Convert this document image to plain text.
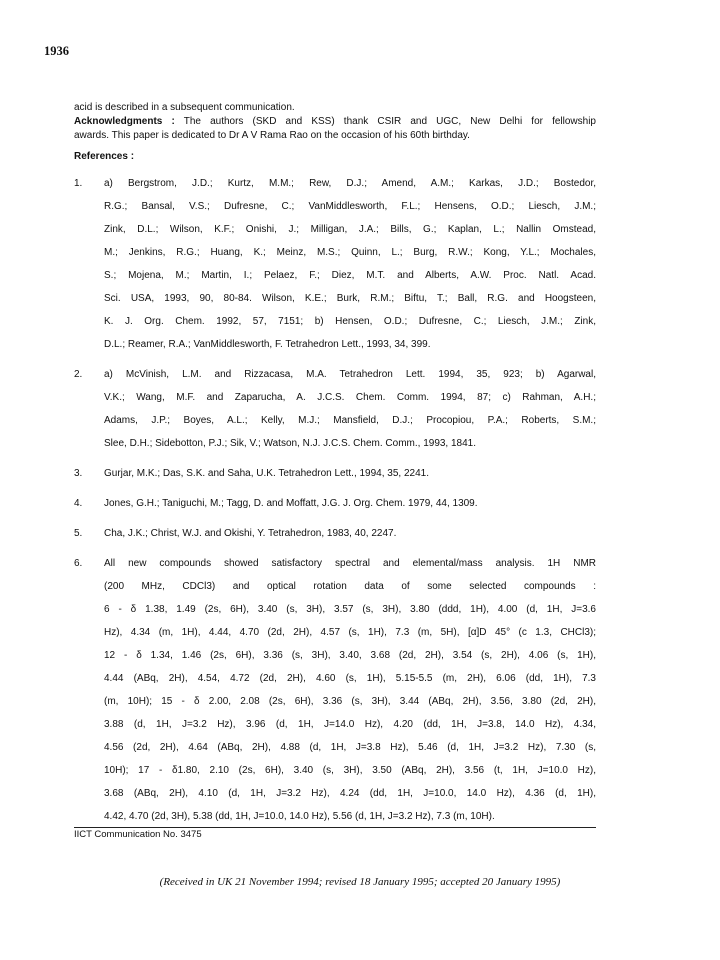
1936

acid is described in a subsequent communication.

Acknowledgments : The authors (SKD and KSS) thank CSIR and UGC, New Delhi for fellowship

awards. This paper is dedicated to Dr A V Rama Rao on the occasion of his 60th birthday.

References :
1. a) Bergstrom, J.D.; Kurtz, M.M.; Rew, D.J.; Amend, A.M.; Karkas, J.D.; Bostedor,
R.G.; Bansal, V.S.; Dufresne, C.; VanMiddlesworth, F.L.; Hensens, O.D.; Liesch, J.M.;
Zink, D.L.; Wilson, K.F.; Onishi, J.; Milligan, J.A.; Bills, G.; Kaplan, L.; Nallin Omstead,
M.; Jenkins, R.G.; Huang, K.; Meinz, M.S.; Quinn, L.; Burg, R.W.; Kong, Y.L.; Mochales,
S.; Mojena, M.; Martin, I.; Pelaez, F.; Diez, M.T. and Alberts, A.W. Proc. Natl. Acad.
Sci. USA, 1993, 90, 80-84. Wilson, K.E.; Burk, R.M.; Biftu, T.; Ball, R.G. and Hoogsteen,
K. J. Org. Chem. 1992, 57, 7151; b) Hensen, O.D.; Dufresne, C.; Liesch, J.M.; Zink,
D.L.; Reamer, R.A.; VanMiddlesworth, F. Tetrahedron Lett., 1993, 34, 399.
2. a) McVinish, L.M. and Rizzacasa, M.A. Tetrahedron Lett. 1994, 35, 923; b) Agarwal,
V.K.; Wang, M.F. and Zaparucha, A. J.C.S. Chem. Comm. 1994, 87; c) Rahman, A.H.;
Adams, J.P.; Boyes, A.L.; Kelly, M.J.; Mansfield, D.J.; Procopiou, P.A.; Roberts, S.M.;
Slee, D.H.; Sidebotton, P.J.; Sik, V.; Watson, N.J. J.C.S. Chem. Comm., 1993, 1841.
3. Gurjar, M.K.; Das, S.K. and Saha, U.K. Tetrahedron Lett., 1994, 35, 2241.
4. Jones, G.H.; Taniguchi, M.; Tagg, D. and Moffatt, J.G. J. Org. Chem. 1979, 44, 1309.
5. Cha, J.K.; Christ, W.J. and Okishi, Y. Tetrahedron, 1983, 40, 2247.
6. All new compounds showed satisfactory spectral and elemental/mass analysis. 1H NMR
(200 MHz, CDCl3) and optical rotation data of some selected compounds :
6 - δ 1.38, 1.49 (2s, 6H), 3.40 (s, 3H), 3.57 (s, 3H), 3.80 (ddd, 1H), 4.00 (d, 1H, J=3.6
Hz), 4.34 (m, 1H), 4.44, 4.70 (2d, 2H), 4.57 (s, 1H), 7.3 (m, 5H), [α]D 45° (c 1.3, CHCl3);
12 - δ 1.34, 1.46 (2s, 6H), 3.36 (s, 3H), 3.40, 3.68 (2d, 2H), 3.54 (s, 2H), 4.06 (s, 1H),
4.44 (ABq, 2H), 4.54, 4.72 (2d, 2H), 4.60 (s, 1H), 5.15-5.5 (m, 2H), 6.06 (dd, 1H), 7.3
(m, 10H); 15 - δ 2.00, 2.08 (2s, 6H), 3.36 (s, 3H), 3.44 (ABq, 2H), 3.56, 3.80 (2d, 2H),
3.88 (d, 1H, J=3.2 Hz), 3.96 (d, 1H, J=14.0 Hz), 4.20 (dd, 1H, J=3.8, 14.0 Hz), 4.34,
4.56 (2d, 2H), 4.64 (ABq, 2H), 4.88 (d, 1H, J=3.8 Hz), 5.46 (d, 1H, J=3.2 Hz), 7.30 (s,
10H); 17 - δ1.80, 2.10 (2s, 6H), 3.40 (s, 3H), 3.50 (ABq, 2H), 3.56 (t, 1H, J=10.0 Hz),
3.68 (ABq, 2H), 4.10 (d, 1H, J=3.2 Hz), 4.24 (dd, 1H, J=10.0, 14.0 Hz), 4.36 (d, 1H),
4.42, 4.70 (2d, 3H), 5.38 (dd, 1H, J=10.0, 14.0 Hz), 5.56 (d, 1H, J=3.2 Hz), 7.3 (m, 10H).
IICT Communication No. 3475
(Received in UK 21 November 1994; revised 18 January 1995; accepted 20 January 1995)
